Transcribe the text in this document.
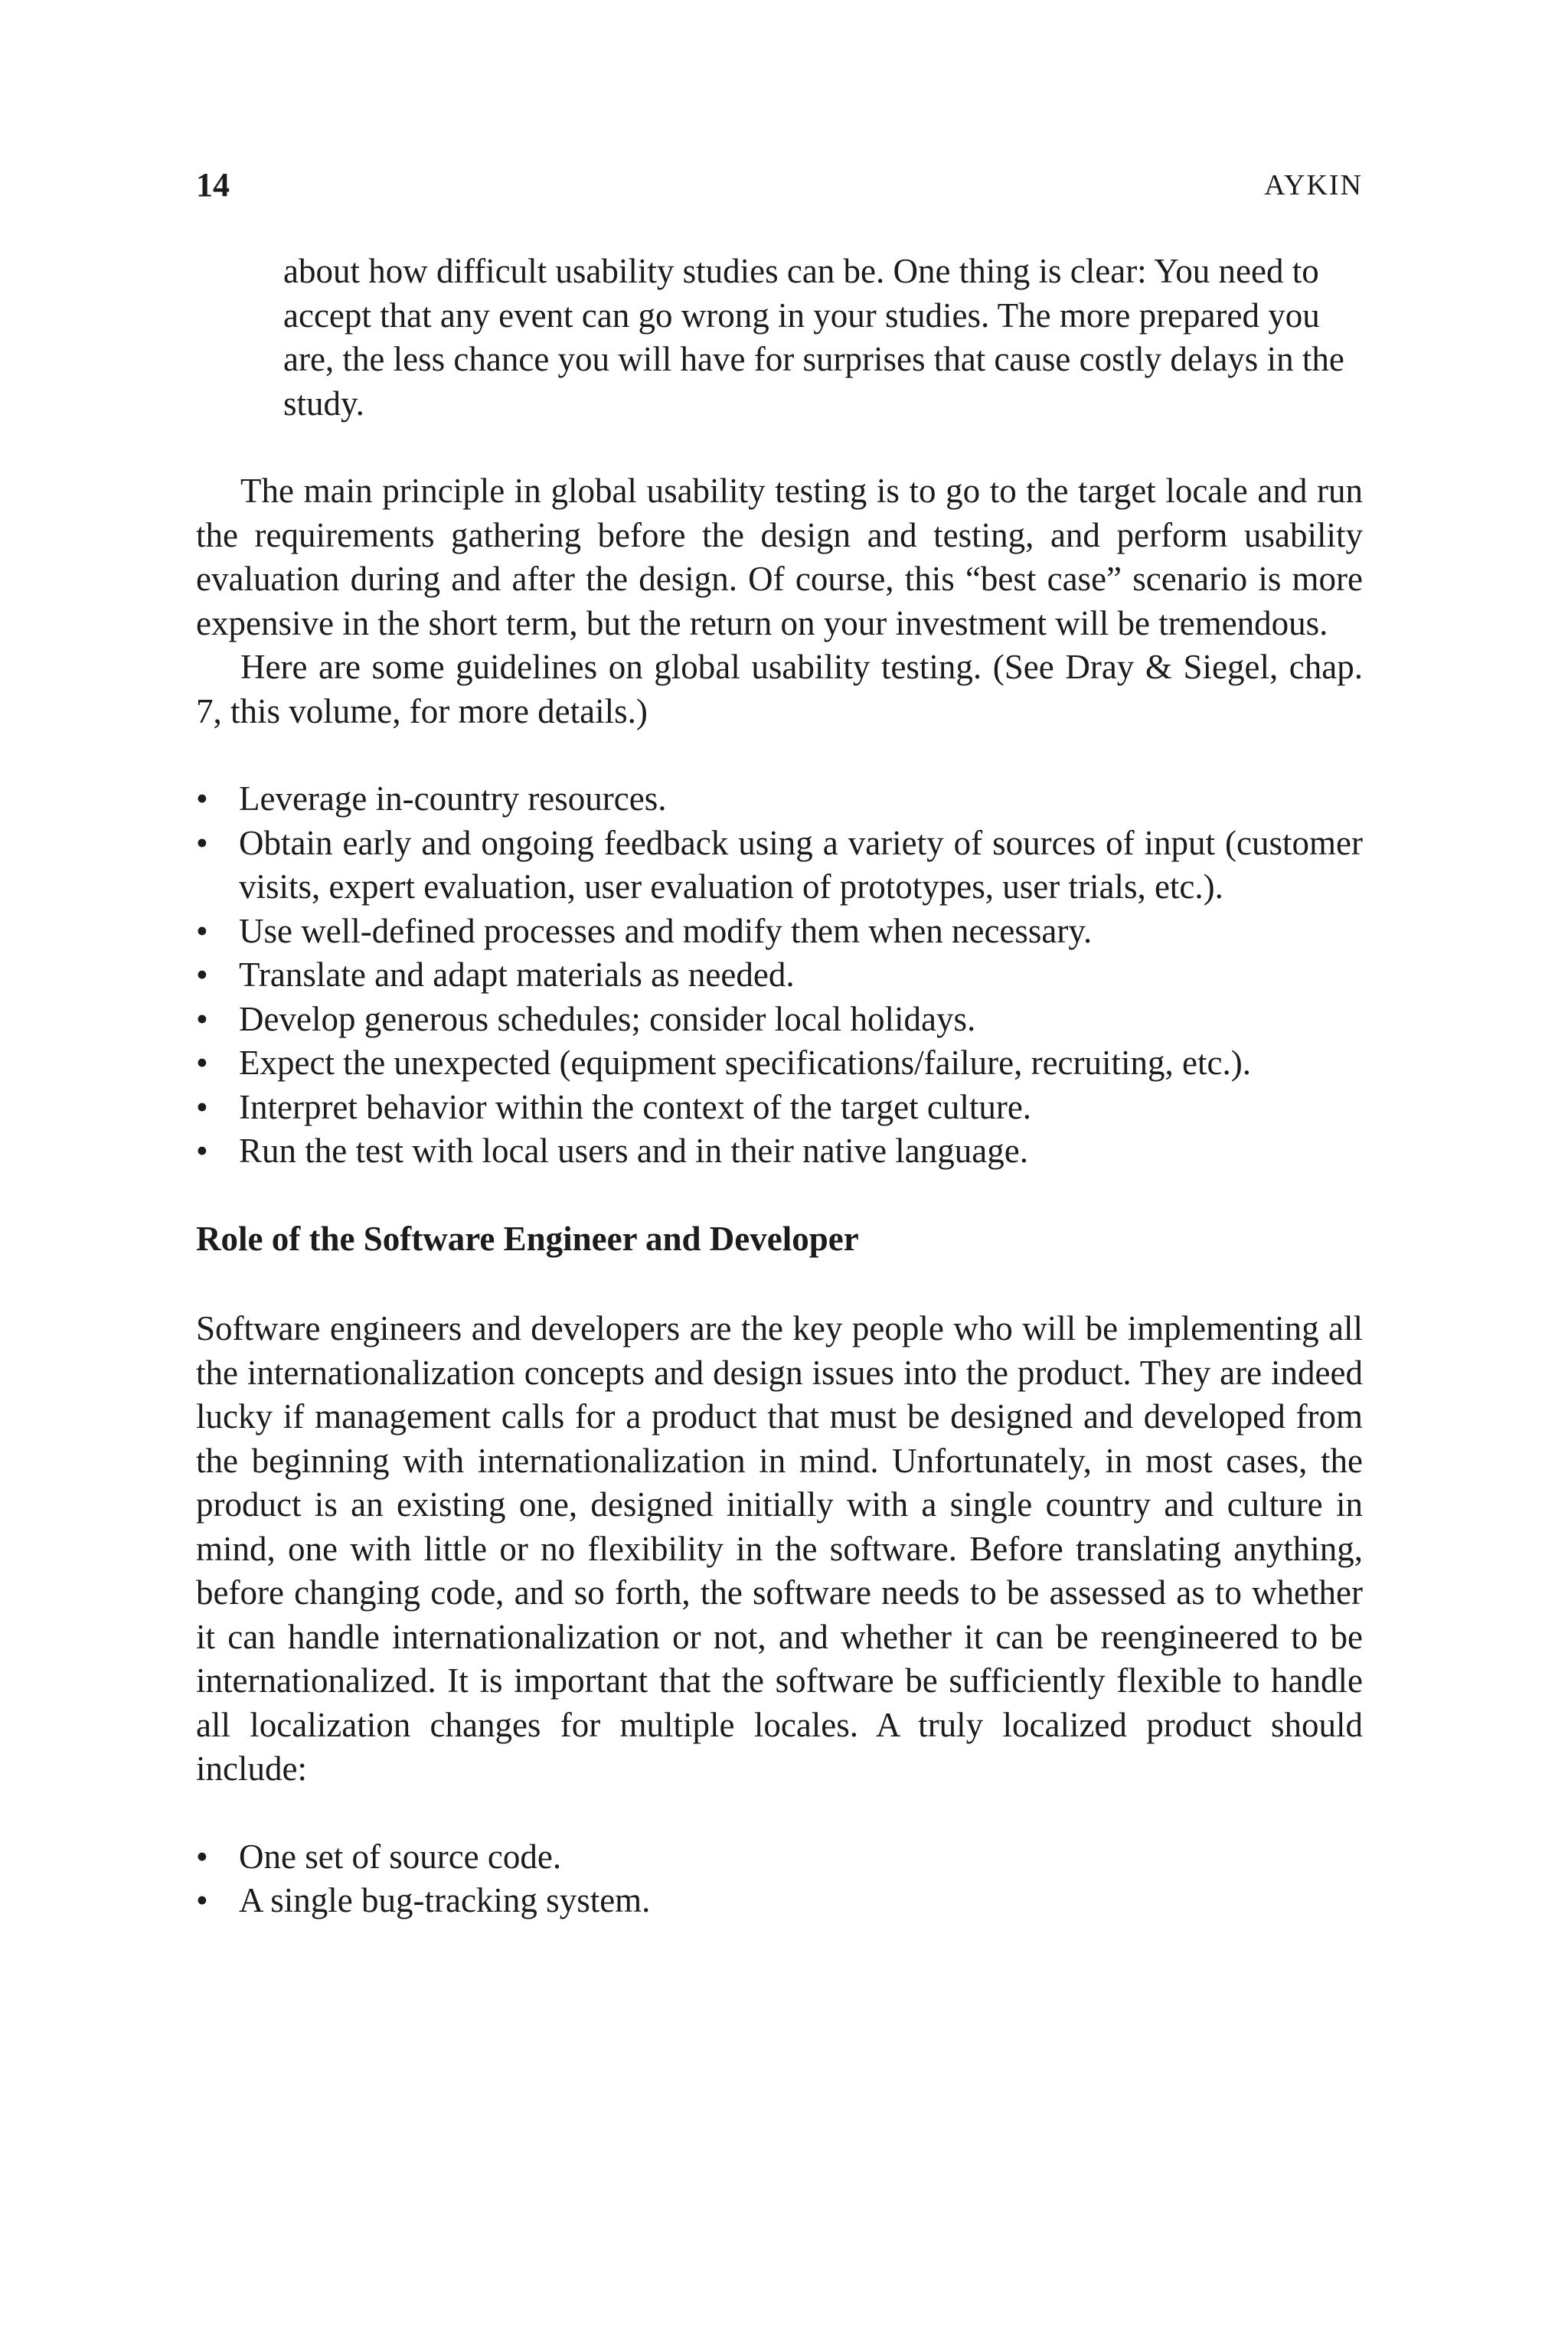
14	AYKIN

about how difficult usability studies can be. One thing is clear: You need to accept that any event can go wrong in your studies. The more prepared you are, the less chance you will have for surprises that cause costly delays in the study.

The main principle in global usability testing is to go to the target locale and run the requirements gathering before the design and testing, and perform usability evaluation during and after the design. Of course, this “best case” scenario is more expensive in the short term, but the return on your investment will be tremendous.

Here are some guidelines on global usability testing. (See Dray & Siegel, chap. 7, this volume, for more details.)

• Leverage in-country resources.
• Obtain early and ongoing feedback using a variety of sources of input (customer visits, expert evaluation, user evaluation of prototypes, user trials, etc.).
• Use well-defined processes and modify them when necessary.
• Translate and adapt materials as needed.
• Develop generous schedules; consider local holidays.
• Expect the unexpected (equipment specifications/failure, recruiting, etc.).
• Interpret behavior within the context of the target culture.
• Run the test with local users and in their native language.
Role of the Software Engineer and Developer

Software engineers and developers are the key people who will be implementing all the internationalization concepts and design issues into the product. They are indeed lucky if management calls for a product that must be designed and developed from the beginning with internationalization in mind. Unfortunately, in most cases, the product is an existing one, designed initially with a single country and culture in mind, one with little or no flexibility in the software. Before translating anything, before changing code, and so forth, the software needs to be assessed as to whether it can handle internationalization or not, and whether it can be reengineered to be internationalized. It is important that the software be sufficiently flexible to handle all localization changes for multiple locales. A truly localized product should include:

• One set of source code.
• A single bug-tracking system.
